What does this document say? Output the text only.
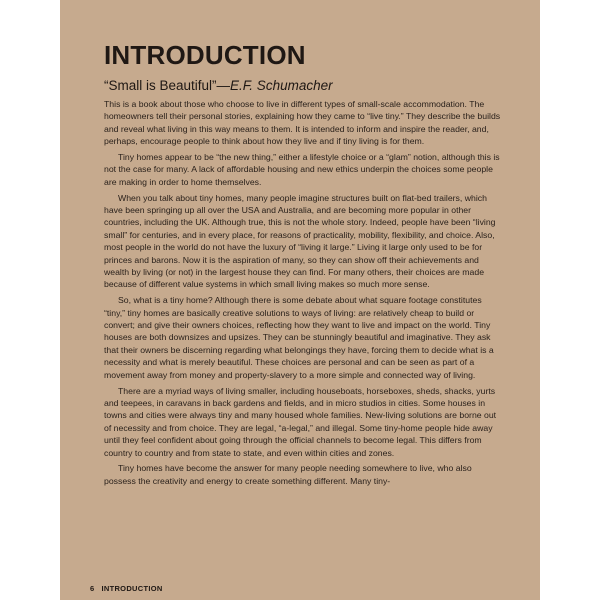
INTRODUCTION
“Small is Beautiful”—E.F. Schumacher

This is a book about those who choose to live in different types of small-scale accommodation. The homeowners tell their personal stories, explaining how they came to “live tiny.” They describe the builds and reveal what living in this way means to them. It is intended to inform and inspire the reader, and, perhaps, encourage people to think about how they live and if tiny living is for them.

Tiny homes appear to be “the new thing,” either a lifestyle choice or a “glam” notion, although this is not the case for many. A lack of affordable housing and new ethics underpin the choices some people are making in order to home themselves.

When you talk about tiny homes, many people imagine structures built on flat-bed trailers, which have been springing up all over the USA and Australia, and are becoming more popular in other countries, including the UK. Although true, this is not the whole story. Indeed, people have been “living small” for centuries, and in every place, for reasons of practicality, mobility, flexibility, and choice. Also, most people in the world do not have the luxury of “living it large.” Living it large only used to be for princes and barons. Now it is the aspiration of many, so they can show off their achievements and wealth by living (or not) in the largest house they can find. For many others, their choices are made because of different value systems in which small living makes so much more sense.

So, what is a tiny home? Although there is some debate about what square footage constitutes “tiny,” tiny homes are basically creative solutions to ways of living: are relatively cheap to build or convert; and give their owners choices, reflecting how they want to live and impact on the world. Tiny houses are both downsizes and upsizes. They can be stunningly beautiful and imaginative. They ask that their owners be discerning regarding what belongings they have, forcing them to decide what is a necessity and what is merely beautiful. These choices are personal and can be seen as part of a movement away from money and property-slavery to a more simple and connected way of living.

There are a myriad ways of living smaller, including houseboats, horseboxes, sheds, shacks, yurts and teepees, in caravans in back gardens and fields, and in micro studios in cities. Some houses in towns and cities were always tiny and many housed whole families. New-living solutions are borne out of necessity and from choice. They are legal, “a-legal,” and illegal. Some tiny-home people hide away until they feel confident about going through the official channels to become legal. This differs from country to country and from state to state, and even within cities and zones.

Tiny homes have become the answer for many people needing somewhere to live, who also possess the creativity and energy to create something different. Many tiny-

6 INTRODUCTION
